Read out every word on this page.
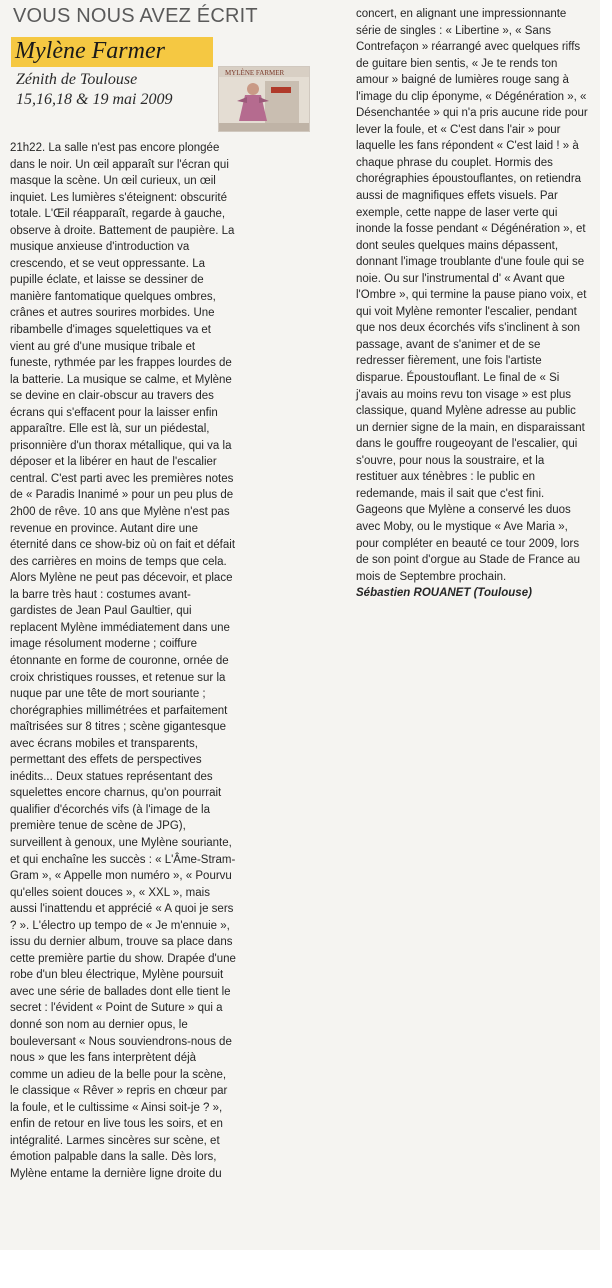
VOUS NOUS AVEZ ÉCRIT
Mylène Farmer
Zénith de Toulouse
15,16,18 & 19 mai 2009
MYLÈNE FARMER

21h22. La salle n'est pas encore plongée dans le noir. Un œil apparaît sur l'écran qui masque la scène. Un œil curieux, un œil inquiet. Les lumières s'éteignent: obscurité totale. L'Œil réapparaît, regarde à gauche, observe à droite. Battement de paupière. La musique anxieuse d'introduction va crescendo, et se veut oppressante. La pupille éclate, et laisse se dessiner de manière fantomatique quelques ombres, crânes et autres sourires morbides. Une ribambelle d'images squelettiques va et vient au gré d'une musique tribale et funeste, rythmée par les frappes lourdes de la batterie. La musique se calme, et Mylène se devine en clair-obscur au travers des écrans qui s'effacent pour la laisser enfin apparaître. Elle est là, sur un piédestal, prisonnière d'un thorax métallique, qui va la déposer et la libérer en haut de l'escalier central. C'est parti avec les premières notes de « Paradis Inanimé » pour un peu plus de 2h00 de rêve. 10 ans que Mylène n'est pas revenue en province. Autant dire une éternité dans ce show-biz où on fait et défait des carrières en moins de temps que cela. Alors Mylène ne peut pas décevoir, et place la barre très haut : costumes avant-gardistes de Jean Paul Gaultier, qui replacent Mylène immédiatement dans une image résolument moderne ; coiffure étonnante en forme de couronne, ornée de croix christiques rousses, et retenue sur la nuque par une tête de mort souriante ; chorégraphies millimétrées et parfaitement maîtrisées sur 8 titres ; scène gigantesque avec écrans mobiles et transparents, permettant des effets de perspectives inédits... Deux statues représentant des squelettes encore charnus, qu'on pourrait qualifier d'écorchés vifs (à l'image de la première tenue de scène de JPG), surveillent à genoux, une Mylène souriante, et qui enchaîne les succès : « L'Âme-Stram-Gram », « Appelle mon numéro », « Pourvu qu'elles soient douces », « XXL », mais aussi l'inattendu et apprécié « A quoi je sers ? ». L'électro up tempo de « Je m'ennuie », issu du dernier album, trouve sa place dans cette première partie du show. Drapée d'une robe d'un bleu électrique, Mylène poursuit avec une série de ballades dont elle tient le secret : l'évident « Point de Suture » qui a donné son nom au dernier opus, le bouleversant « Nous souviendrons-nous de nous » que les fans interprètent déjà comme un adieu de la belle pour la scène, le classique « Rêver » repris en chœur par la foule, et le cultissime « Ainsi soit-je ? », enfin de retour en live tous les soirs, et en intégralité. Larmes sincères sur scène, et émotion palpable dans la salle. Dès lors, Mylène entame la dernière ligne droite du

concert, en alignant une impressionnante série de singles : « Libertine », « Sans Contrefaçon » réarrangé avec quelques riffs de guitare bien sentis, « Je te rends ton amour » baigné de lumières rouge sang à l'image du clip éponyme, « Dégénération », « Désenchantée » qui n'a pris aucune ride pour lever la foule, et « C'est dans l'air » pour laquelle les fans répondent « C'est laid ! » à chaque phrase du couplet. Hormis des chorégraphies époustouflantes, on retiendra aussi de magnifiques effets visuels. Par exemple, cette nappe de laser verte qui inonde la fosse pendant « Dégénération », et dont seules quelques mains dépassent, donnant l'image troublante d'une foule qui se noie. Ou sur l'instrumental d' « Avant que l'Ombre », qui termine la pause piano voix, et qui voit Mylène remonter l'escalier, pendant que nos deux écorchés vifs s'inclinent à son passage, avant de s'animer et de se redresser fièrement, une fois l'artiste disparue. Époustouflant. Le final de « Si j'avais au moins revu ton visage » est plus classique, quand Mylène adresse au public un dernier signe de la main, en disparaissant dans le gouffre rougeoyant de l'escalier, qui s'ouvre, pour nous la soustraire, et la restituer aux ténèbres : le public en redemande, mais il sait que c'est fini. Gageons que Mylène a conservé les duos avec Moby, ou le mystique « Ave Maria », pour compléter en beauté ce tour 2009, lors de son point d'orgue au Stade de France au mois de Septembre prochain.

Sébastien ROUANET (Toulouse)
